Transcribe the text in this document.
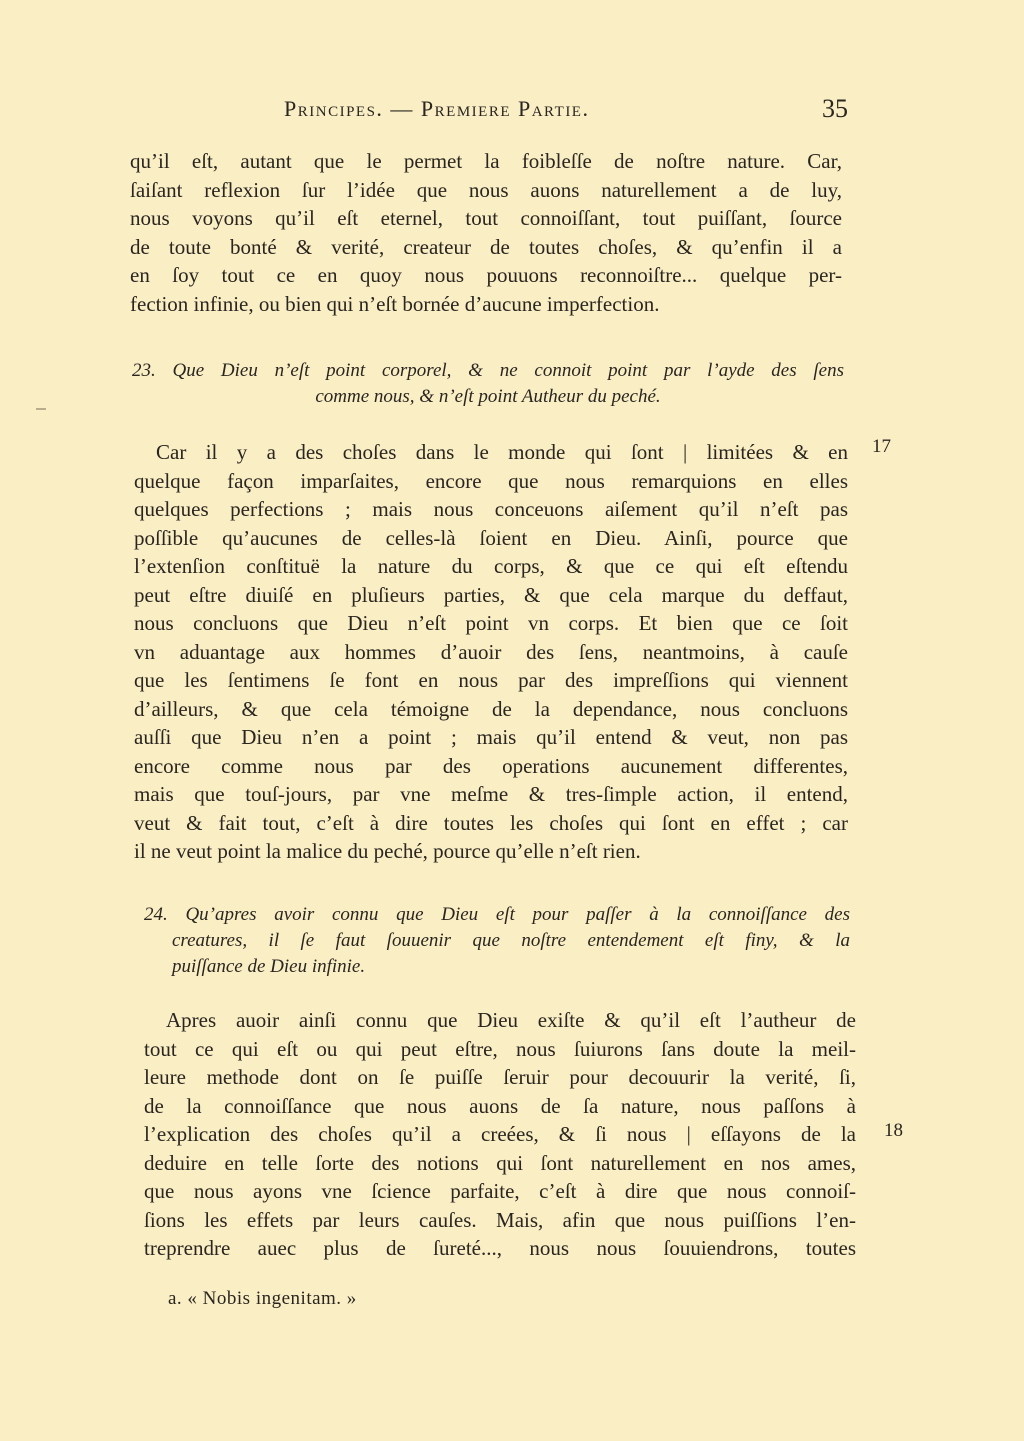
Principes. — Premiere Partie.	35
qu’il eſt, autant que le permet la foibleſſe de noſtre nature. Car,
ſaiſant reflexion ſur l’idée que nous auons naturellement a de luy,
nous voyons qu’il eſt eternel, tout connoiſſant, tout puiſſant, ſource
de toute bonté & verité, createur de toutes choſes, & qu’enfin il a
en ſoy tout ce en quoy nous pouuons reconnoiſtre... quelque per-
fection infinie, ou bien qui n’eſt bornée d’aucune imperfection.
23. Que Dieu n’eſt point corporel, & ne connoit point par l’ayde des ſens
comme nous, & n’eſt point Autheur du peché.
Car il y a des choſes dans le monde qui ſont | limitées & en
quelque façon imparſaites, encore que nous remarquions en elles
quelques perfections ; mais nous conceuons aiſement qu’il n’eſt pas
poſſible qu’aucunes de celles-là ſoient en Dieu. Ainſi, pource que
l’extenſion conſtituë la nature du corps, & que ce qui eſt eſtendu
peut eſtre diuiſé en pluſieurs parties, & que cela marque du deffaut,
nous concluons que Dieu n’eſt point vn corps. Et bien que ce ſoit
vn aduantage aux hommes d’auoir des ſens, neantmoins, à cauſe
que les ſentimens ſe font en nous par des impreſſions qui viennent
d’ailleurs, & que cela témoigne de la dependance, nous concluons
auſſi que Dieu n’en a point ; mais qu’il entend & veut, non pas
encore comme nous par des operations aucunement differentes,
mais que touſ-jours, par vne meſme & tres-ſimple action, il entend,
veut & fait tout, c’eſt à dire toutes les choſes qui ſont en effet ; car
il ne veut point la malice du peché, pource qu’elle n’eſt rien.
17
24. Qu’apres avoir connu que Dieu eſt pour paſſer à la connoiſſance des
creatures, il ſe faut ſouuenir que noſtre entendement eſt finy, & la
puiſſance de Dieu infinie.
Apres auoir ainſi connu que Dieu exiſte & qu’il eſt l’autheur de
tout ce qui eſt ou qui peut eſtre, nous ſuiurons ſans doute la meil-
leure methode dont on ſe puiſſe ſeruir pour decouurir la verité, ſi,
de la connoiſſance que nous auons de ſa nature, nous paſſons à
l’explication des choſes qu’il a creées, & ſi nous | eſſayons de la
deduire en telle ſorte des notions qui ſont naturellement en nos ames,
que nous ayons vne ſcience parfaite, c’eſt à dire que nous connoiſ-
ſions les effets par leurs cauſes. Mais, afin que nous puiſſions l’en-
treprendre auec plus de ſureté..., nous nous ſouuiendrons, toutes
18
a. « Nobis ingenitam. »
